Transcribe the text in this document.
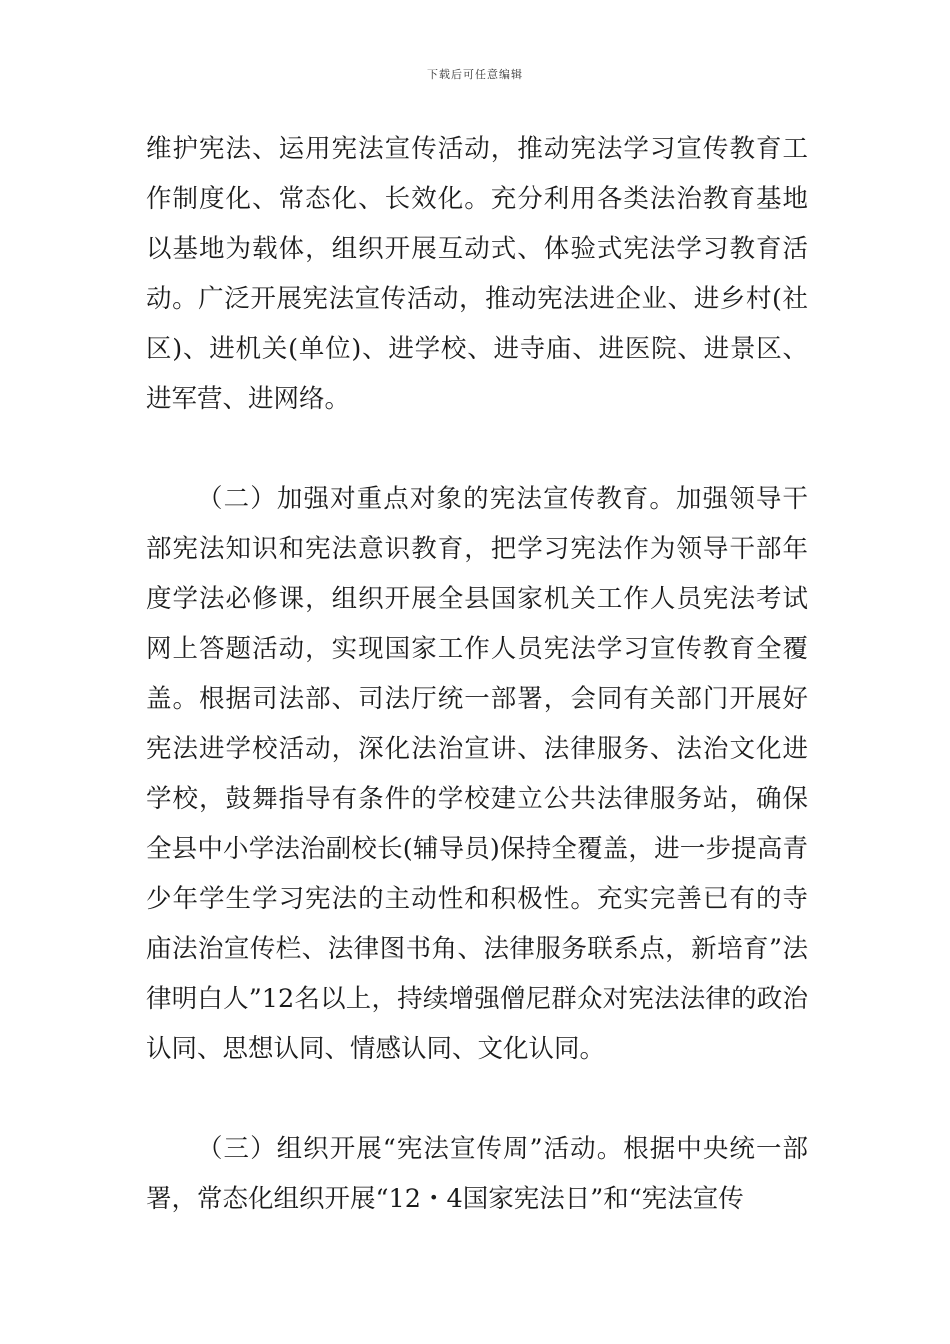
下载后可任意编辑

维护宪法、运用宪法宣传活动，推动宪法学习宣传教育工作制度化、常态化、长效化。充分利用各类法治教育基地以基地为载体，组织开展互动式、体验式宪法学习教育活动。广泛开展宪法宣传活动，推动宪法进企业、进乡村(社区)、进机关(单位)、进学校、进寺庙、进医院、进景区、进军营、进网络。

（二）加强对重点对象的宪法宣传教育。加强领导干部宪法知识和宪法意识教育，把学习宪法作为领导干部年度学法必修课，组织开展全县国家机关工作人员宪法考试网上答题活动，实现国家工作人员宪法学习宣传教育全覆盖。根据司法部、司法厅统一部署，会同有关部门开展好宪法进学校活动，深化法治宣讲、法律服务、法治文化进学校，鼓舞指导有条件的学校建立公共法律服务站，确保全县中小学法治副校长(辅导员)保持全覆盖，进一步提高青少年学生学习宪法的主动性和积极性。充实完善已有的寺庙法治宣传栏、法律图书角、法律服务联系点，新培育”法律明白人”12名以上，持续增强僧尼群众对宪法法律的政治认同、思想认同、情感认同、文化认同。

（三）组织开展“宪法宣传周”活动。根据中央统一部署，常态化组织开展“12・4国家宪法日”和“宪法宣传
